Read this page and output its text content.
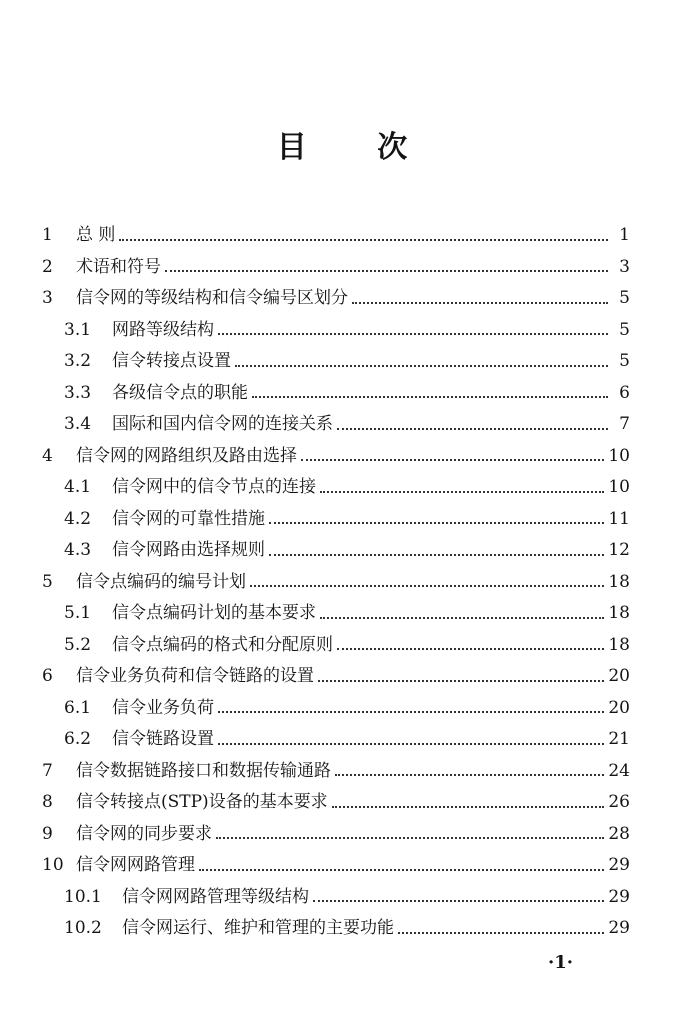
目 次
1	总 则	1
2	术语和符号	3
3	信令网的等级结构和信令编号区划分	5
3.1	网路等级结构	5
3.2	信令转接点设置	5
3.3	各级信令点的职能	6
3.4	国际和国内信令网的连接关系	7
4	信令网的网路组织及路由选择	10
4.1	信令网中的信令节点的连接	10
4.2	信令网的可靠性措施	11
4.3	信令网路由选择规则	12
5	信令点编码的编号计划	18
5.1	信令点编码计划的基本要求	18
5.2	信令点编码的格式和分配原则	18
6	信令业务负荷和信令链路的设置	20
6.1	信令业务负荷	20
6.2	信令链路设置	21
7	信令数据链路接口和数据传输通路	24
8	信令转接点(STP)设备的基本要求	26
9	信令网的同步要求	28
10 信令网网路管理	29
10.1	信令网网路管理等级结构	29
10.2	信令网运行、维护和管理的主要功能	29
·1·
